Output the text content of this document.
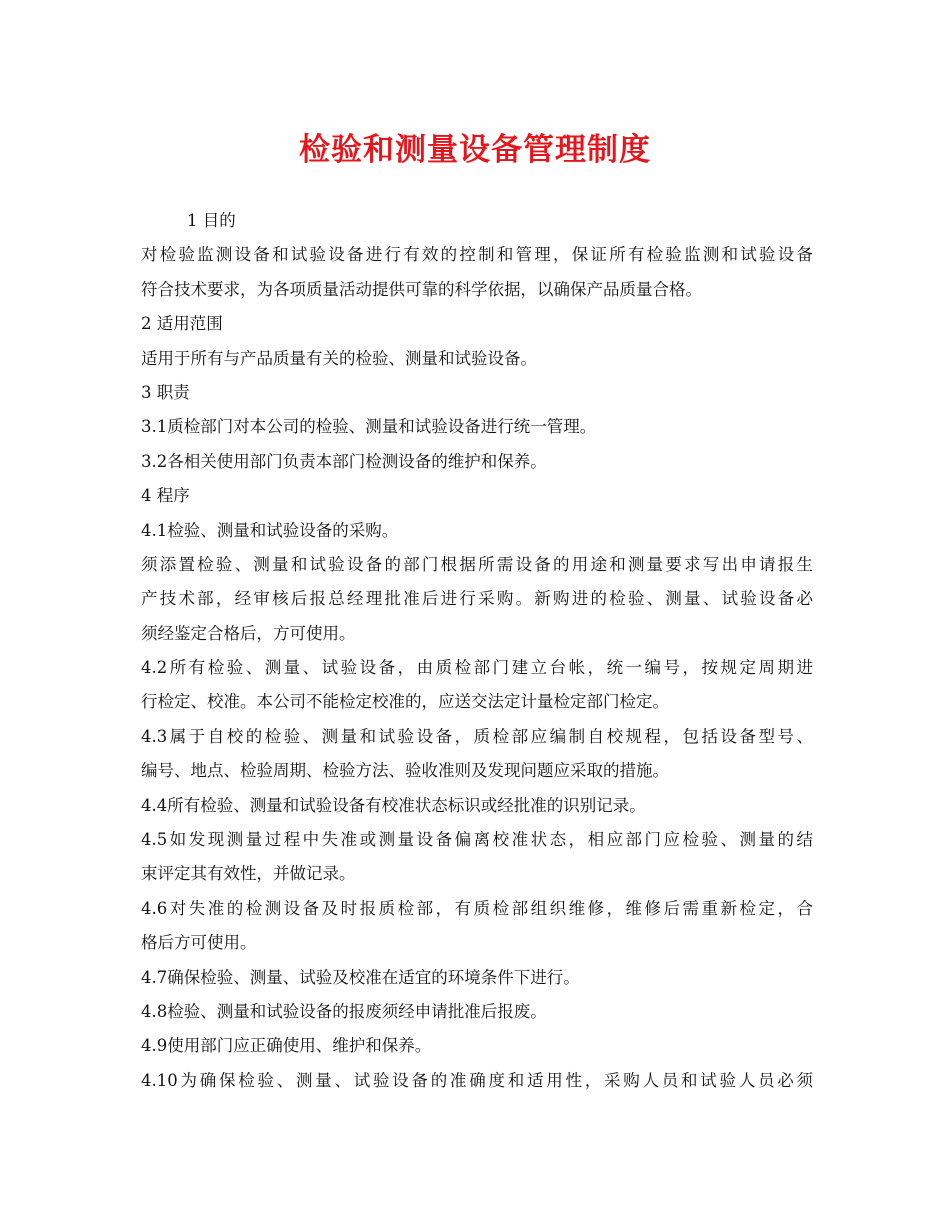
检验和测量设备管理制度
1 目的
对检验监测设备和试验设备进行有效的控制和管理，保证所有检验监测和试验设备
符合技术要求，为各项质量活动提供可靠的科学依据，以确保产品质量合格。
2 适用范围
适用于所有与产品质量有关的检验、测量和试验设备。
3 职责
3.1质检部门对本公司的检验、测量和试验设备进行统一管理。
3.2各相关使用部门负责本部门检测设备的维护和保养。
4 程序
4.1检验、测量和试验设备的采购。
须添置检验、测量和试验设备的部门根据所需设备的用途和测量要求写出申请报生
产技术部，经审核后报总经理批准后进行采购。新购进的检验、测量、试验设备必
须经鉴定合格后，方可使用。
4.2所有检验、测量、试验设备，由质检部门建立台帐，统一编号，按规定周期进
行检定、校准。本公司不能检定校准的，应送交法定计量检定部门检定。
4.3属于自校的检验、测量和试验设备，质检部应编制自校规程，包括设备型号、
编号、地点、检验周期、检验方法、验收准则及发现问题应采取的措施。
4.4所有检验、测量和试验设备有校准状态标识或经批准的识别记录。
4.5如发现测量过程中失准或测量设备偏离校准状态，相应部门应检验、测量的结
束评定其有效性，并做记录。
4.6对失准的检测设备及时报质检部，有质检部组织维修，维修后需重新检定，合
格后方可使用。
4.7确保检验、测量、试验及校准在适宜的环境条件下进行。
4.8检验、测量和试验设备的报废须经申请批准后报废。
4.9使用部门应正确使用、维护和保养。
4.10为确保检验、测量、试验设备的准确度和适用性，采购人员和试验人员必须
